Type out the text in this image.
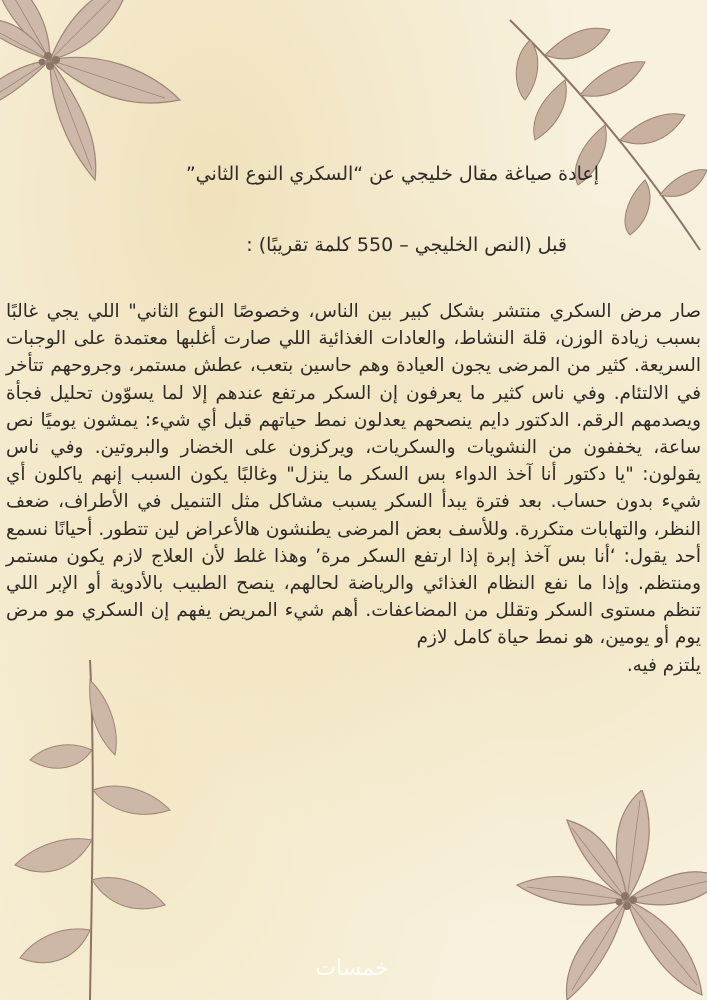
إعادة صياغة مقال خليجي عن “السكري النوع الثاني”
قبل (النص الخليجي – 550 كلمة تقريبًا) :

صار مرض السكري منتشر بشكل كبير بين الناس، وخصوصًا النوع الثاني" اللي يجي غالبًا بسبب زيادة الوزن، قلة النشاط، والعادات الغذائية اللي صارت أغلبها معتمدة على الوجبات السريعة. كثير من المرضى يجون العيادة وهم حاسين بتعب، عطش مستمر، وجروحهم تتأخر في الالتئام. وفي ناس كثير ما يعرفون إن السكر مرتفع عندهم إلا لما يسوّون تحليل فجأة ويصدمهم الرقم. الدكتور دايم ينصحهم يعدلون نمط حياتهم قبل أي شيء: يمشون يوميًا نص ساعة، يخففون من النشويات والسكريات، ويركزون على الخضار والبروتين. وفي ناس يقولون: "يا دكتور أنا آخذ الدواء بس السكر ما ينزل" وغالبًا يكون السبب إنهم ياكلون أي شيء بدون حساب. بعد فترة يبدأ السكر يسبب مشاكل مثل التنميل في الأطراف، ضعف النظر، والتهابات متكررة. وللأسف بعض المرضى يطنشون هالأعراض لين تتطور. أحيانًا نسمع أحد يقول: ‘أنا بس آخذ إبرة إذا ارتفع السكر مرة’ وهذا غلط لأن العلاج لازم يكون مستمر ومنتظم. وإذا ما نفع النظام الغذائي والرياضة لحالهم، ينصح الطبيب بالأدوية أو الإبر اللي تنظم مستوى السكر وتقلل من المضاعفات. أهم شيء المريض يفهم إن السكري مو مرض يوم أو يومين، هو نمط حياة كامل لازم
يلتزم فيه.

خمسات
